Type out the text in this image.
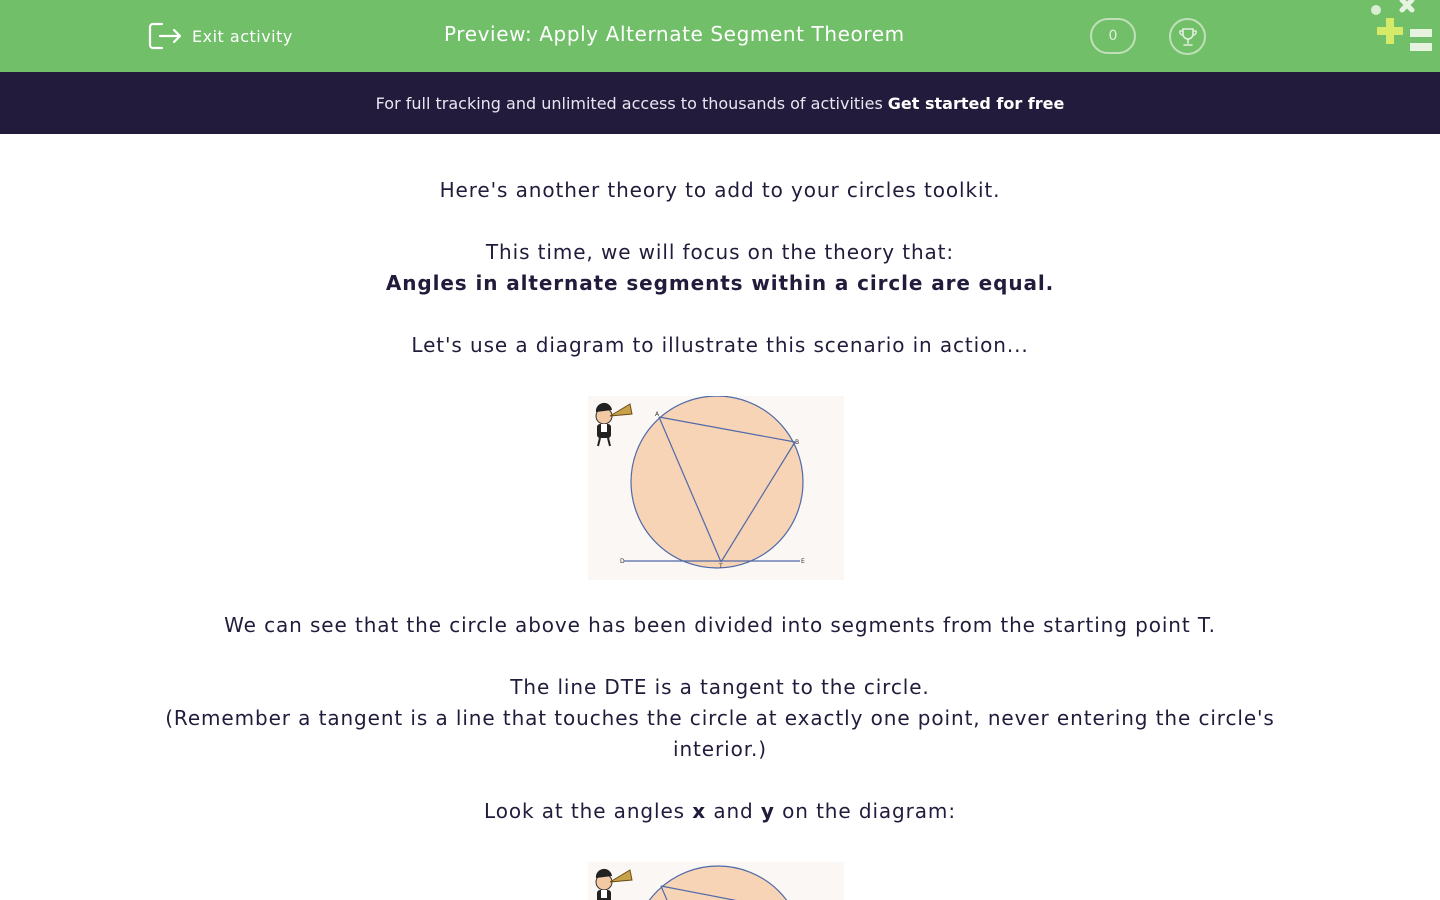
Exit activity	Preview: Apply Alternate Segment Theorem	0
For full tracking and unlimited access to thousands of activities Get started for free
Here's another theory to add to your circles toolkit.
This time, we will focus on the theory that:
Angles in alternate segments within a circle are equal.
Let's use a diagram to illustrate this scenario in action...
A
B
D
T
E
We can see that the circle above has been divided into segments from the starting point T.
The line DTE is a tangent to the circle.
(Remember a tangent is a line that touches the circle at exactly one point, never entering the circle's
interior.)
Look at the angles x and y on the diagram:
